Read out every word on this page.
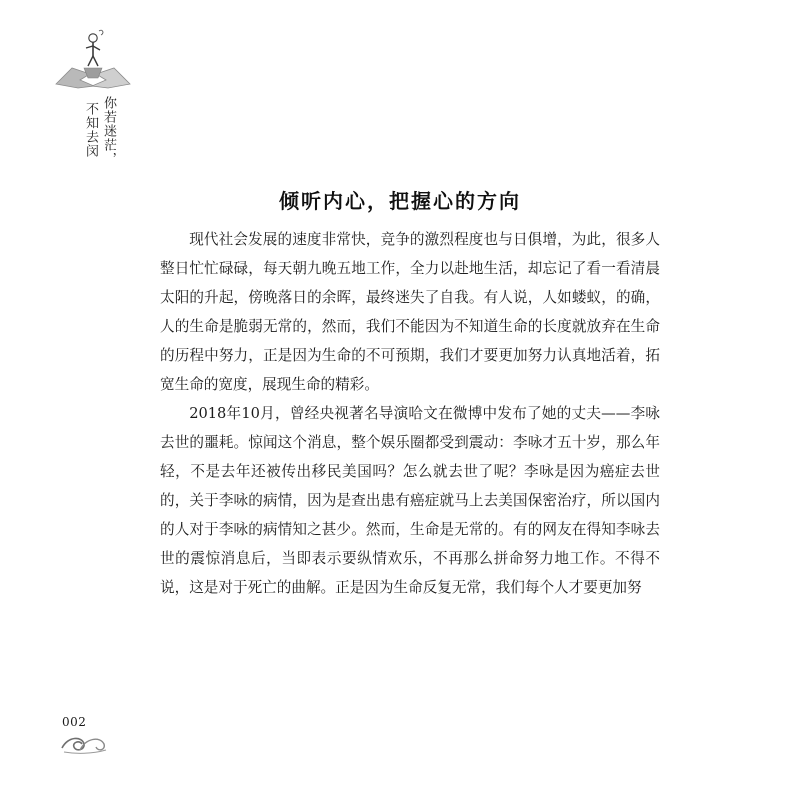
你若迷茫，
不知去闵
倾听内心，把握心的方向

现代社会发展的速度非常快，竞争的激烈程度也与日俱增，为此，很多人整日忙忙碌碌，每天朝九晚五地工作，全力以赴地生活，却忘记了看一看清晨太阳的升起，傍晚落日的余晖，最终迷失了自我。有人说，人如蝼蚁，的确，人的生命是脆弱无常的，然而，我们不能因为不知道生命的长度就放弃在生命的历程中努力，正是因为生命的不可预期，我们才要更加努力认真地活着，拓宽生命的宽度，展现生命的精彩。

2018年10月，曾经央视著名导演哈文在微博中发布了她的丈夫——李咏去世的噩耗。惊闻这个消息，整个娱乐圈都受到震动：李咏才五十岁，那么年轻，不是去年还被传出移民美国吗？怎么就去世了呢？李咏是因为癌症去世的，关于李咏的病情，因为是查出患有癌症就马上去美国保密治疗，所以国内的人对于李咏的病情知之甚少。然而，生命是无常的。有的网友在得知李咏去世的震惊消息后，当即表示要纵情欢乐，不再那么拼命努力地工作。不得不说，这是对于死亡的曲解。正是因为生命反复无常，我们每个人才要更加努

002
